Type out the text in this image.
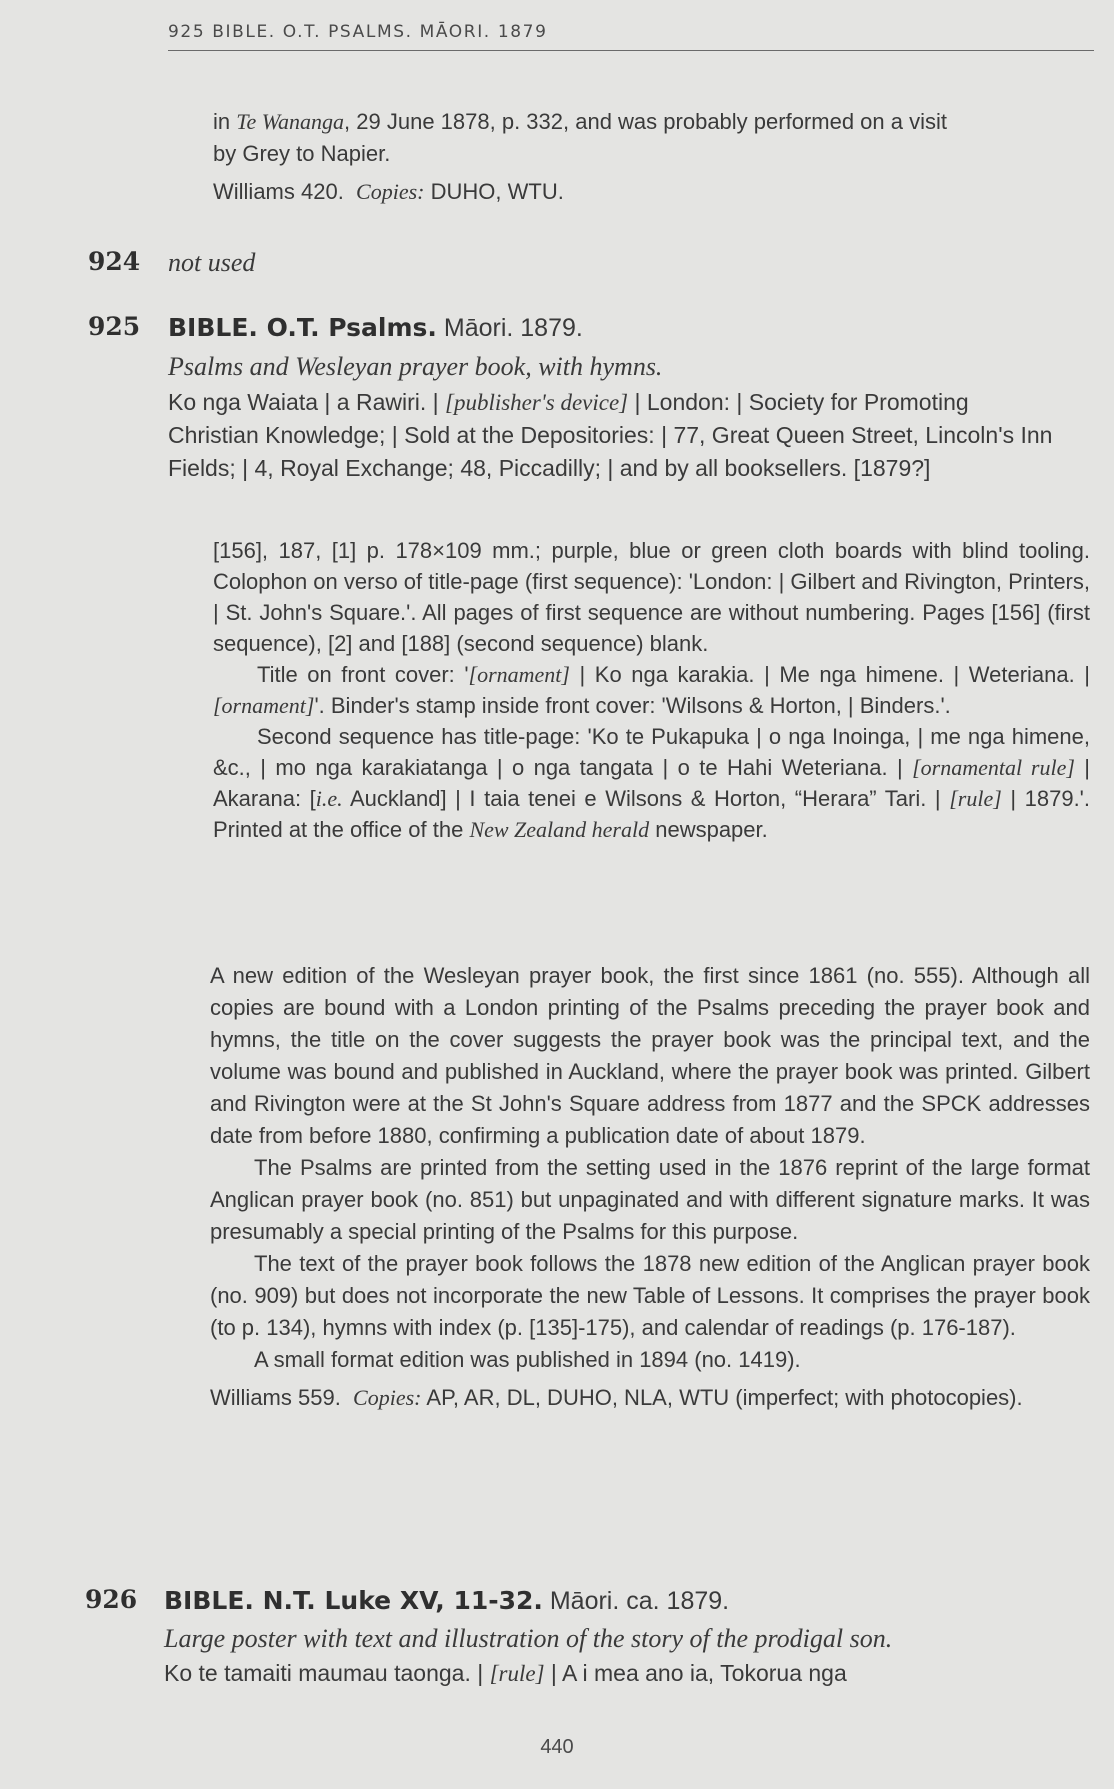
925 BIBLE. O.T. PSALMS. MĀORI. 1879

in Te Wananga, 29 June 1878, p. 332, and was probably performed on a visit
by Grey to Napier.

Williams 420. Copies: DUHO, WTU.

924 not used
925 BIBLE. O.T. Psalms. Māori. 1879.

Psalms and Wesleyan prayer book, with hymns.

Ko nga Waiata | a Rawiri. | [publisher's device] | London: | Society for Promoting Christian Knowledge; | Sold at the Depositories: | 77, Great Queen Street, Lincoln's Inn Fields; | 4, Royal Exchange; 48, Piccadilly; | and by all booksellers. [1879?]

[156], 187, [1] p. 178×109 mm.; purple, blue or green cloth boards with blind tooling. Colophon on verso of title-page (first sequence): 'London: | Gilbert and Rivington, Printers, | St. John's Square.'. All pages of first sequence are without numbering. Pages [156] (first sequence), [2] and [188] (second sequence) blank.

Title on front cover: '[ornament] | Ko nga karakia. | Me nga himene. | Weteriana. | [ornament]'. Binder's stamp inside front cover: 'Wilsons & Horton, | Binders.'.

Second sequence has title-page: 'Ko te Pukapuka | o nga Inoinga, | me nga himene, &c., | mo nga karakiatanga | o nga tangata | o te Hahi Weteriana. | [ornamental rule] | Akarana: [i.e. Auckland] | I taia tenei e Wilsons & Horton, “Herara” Tari. | [rule] | 1879.'. Printed at the office of the New Zealand herald newspaper.

A new edition of the Wesleyan prayer book, the first since 1861 (no. 555). Although all copies are bound with a London printing of the Psalms preceding the prayer book and hymns, the title on the cover suggests the prayer book was the principal text, and the volume was bound and published in Auckland, where the prayer book was printed. Gilbert and Rivington were at the St John's Square address from 1877 and the SPCK addresses date from before 1880, confirming a publication date of about 1879.

The Psalms are printed from the setting used in the 1876 reprint of the large format Anglican prayer book (no. 851) but unpaginated and with different signature marks. It was presumably a special printing of the Psalms for this purpose.

The text of the prayer book follows the 1878 new edition of the Anglican prayer book (no. 909) but does not incorporate the new Table of Lessons. It comprises the prayer book (to p. 134), hymns with index (p. [135]-175), and calendar of readings (p. 176-187).

A small format edition was published in 1894 (no. 1419).

Williams 559. Copies: AP, AR, DL, DUHO, NLA, WTU (imperfect; with photocopies).

926 BIBLE. N.T. Luke XV, 11-32. Māori. ca. 1879.

Large poster with text and illustration of the story of the prodigal son.

Ko te tamaiti maumau taonga. | [rule] | A i mea ano ia, Tokorua nga

440
